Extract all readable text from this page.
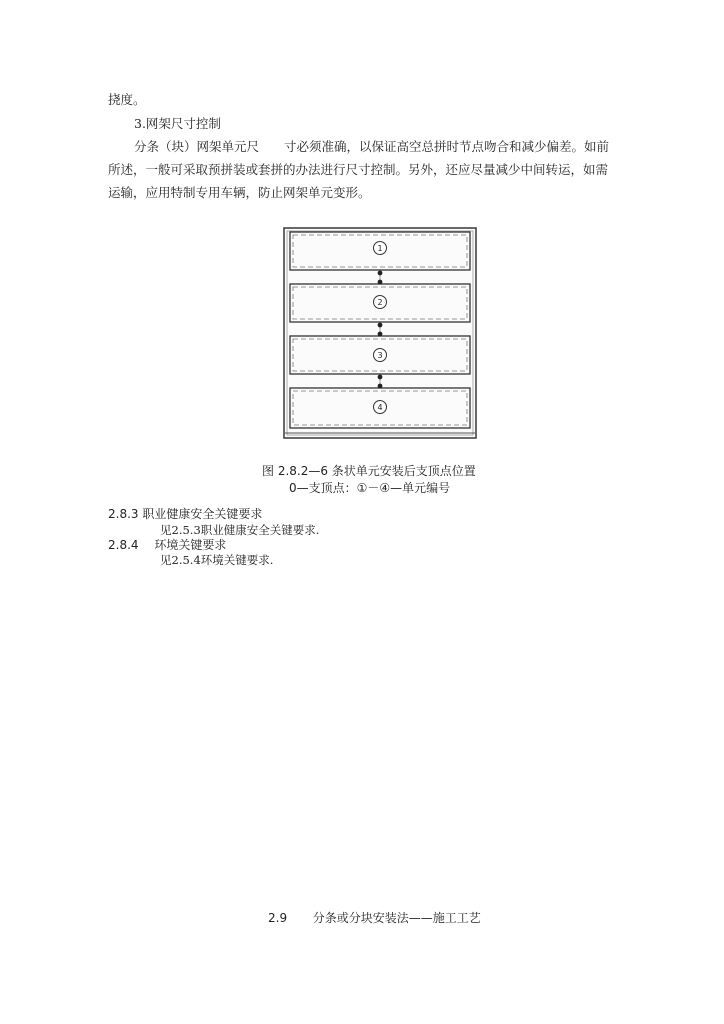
挠度。
3.网架尺寸控制
分条（块）网架单元尺　　寸必须准确，以保证高空总拼时节点吻合和减少偏差。如前
所述，一般可采取预拼装或套拼的办法进行尺寸控制。另外，还应尽量减少中间转运，如需
运输，应用特制专用车辆，防止网架单元变形。
1
2
3
4
图 2.8.2—6 条状单元安装后支顶点位置
0—支顶点：①－④—单元编号
2.8.3 职业健康安全关键要求
见2.5.3职业健康安全关键要求.
2.8.4　 环境关键要求
见2.5.4环境关键要求.
2.9 分条或分块安装法——施工工艺
